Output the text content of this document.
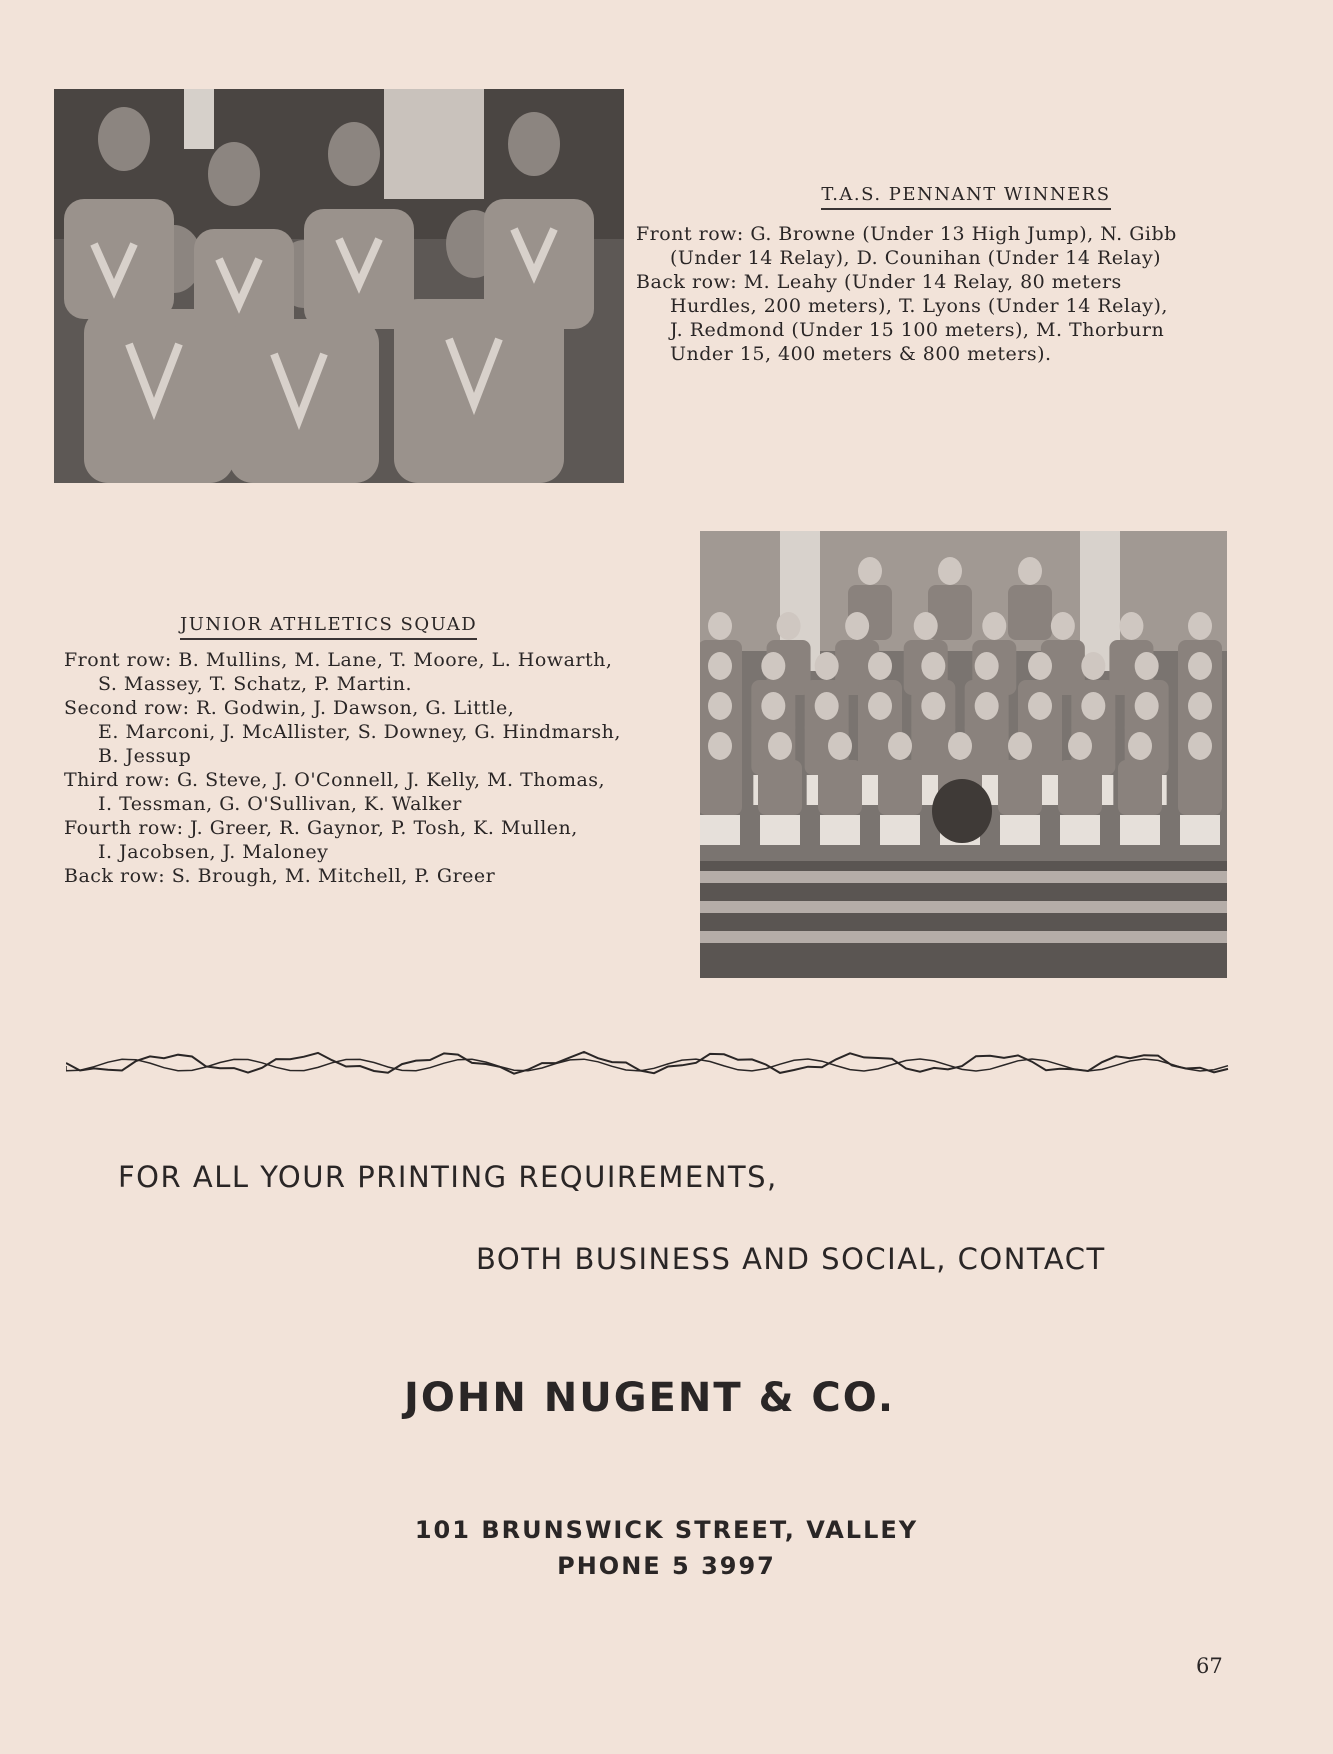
T.A.S. PENNANT WINNERS
Front row: G. Browne (Under 13 High Jump), N. Gibb
(Under 14 Relay), D. Counihan (Under 14 Relay)
Back row: M. Leahy (Under 14 Relay, 80 meters
Hurdles, 200 meters), T. Lyons (Under 14 Relay),
J. Redmond (Under 15 100 meters), M. Thorburn
Under 15, 400 meters & 800 meters).
JUNIOR ATHLETICS SQUAD
Front row: B. Mullins, M. Lane, T. Moore, L. Howarth,
S. Massey, T. Schatz, P. Martin.
Second row: R. Godwin, J. Dawson, G. Little,
E. Marconi, J. McAllister, S. Downey, G. Hindmarsh,
B. Jessup
Third row: G. Steve, J. O'Connell, J. Kelly, M. Thomas,
I. Tessman, G. O'Sullivan, K. Walker
Fourth row: J. Greer, R. Gaynor, P. Tosh, K. Mullen,
I. Jacobsen, J. Maloney
Back row: S. Brough, M. Mitchell, P. Greer
FOR ALL YOUR PRINTING REQUIREMENTS,
BOTH BUSINESS AND SOCIAL, CONTACT
JOHN NUGENT & CO.
101 BRUNSWICK STREET, VALLEY
PHONE 5 3997
67
